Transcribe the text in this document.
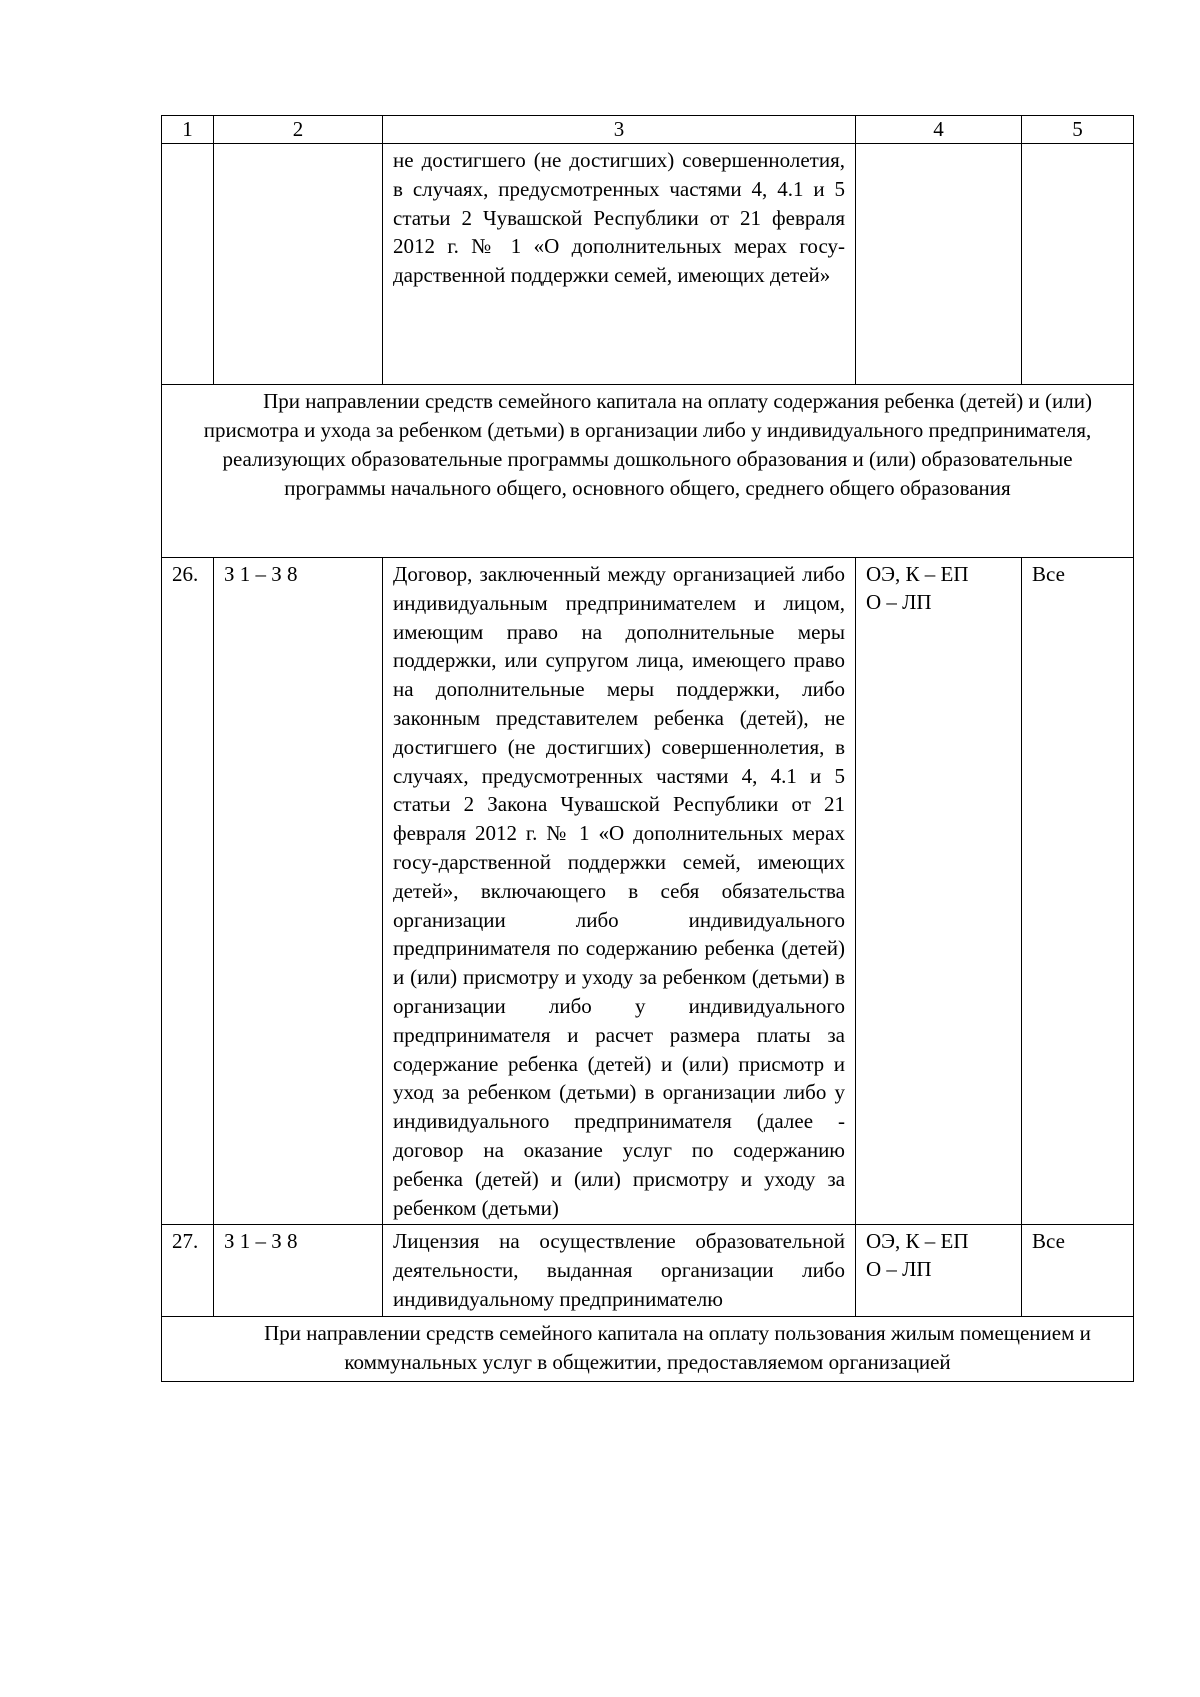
1	2	3	4	5
		не достигшего (не достигших) совершеннолетия, в случаях, предусмотренных частями 4, 4.1 и 5 статьи 2 Чувашской Республики от 21 февраля 2012 г. № 1 «О дополнительных мерах госу-дарственной поддержки семей, имеющих детей»		

При направлении средств семейного капитала на оплату содержания ребенка (детей) и (или) присмотра и ухода за ребенком (детьми) в организации либо у индивидуального предпринимателя, реализующих образовательные программы дошкольного образования и (или) образовательные программы начального общего, основного общего, среднего общего образования				

26.	З 1 – З 8	Договор, заключенный между организацией либо индивидуальным предпринимателем и лицом, имеющим право на дополнительные меры поддержки, или супругом лица, имеющего право на дополнительные меры поддержки, либо законным представителем ребенка (детей), не достигшего (не достигших) совершеннолетия, в случаях, предусмотренных частями 4, 4.1 и 5 статьи 2 Закона Чувашской Республики от 21 февраля 2012 г. № 1 «О дополнительных мерах госу-дарственной поддержки семей, имеющих детей», включающего в себя обязательства организации либо индивидуального предпринимателя по содержанию ребенка (детей) и (или) присмотру и уходу за ребенком (детьми) в организации либо у индивидуального предпринимателя и расчет размера платы за содержание ребенка (детей) и (или) присмотр и уход за ребенком (детьми) в организации либо у индивидуального предпринимателя (далее - договор на оказание услуг по содержанию ребенка (детей) и (или) присмотру и уходу за ребенком (детьми)	ОЭ, К – ЕП
О – ЛП	Все
27.	З 1 – З 8	Лицензия на осуществление образовательной деятельности, выданная организации либо индивидуальному предпринимателю	ОЭ, К – ЕП
О – ЛП	Все

При направлении средств семейного капитала на оплату пользования жилым помещением и коммунальных услуг в общежитии, предоставляемом организацией				
